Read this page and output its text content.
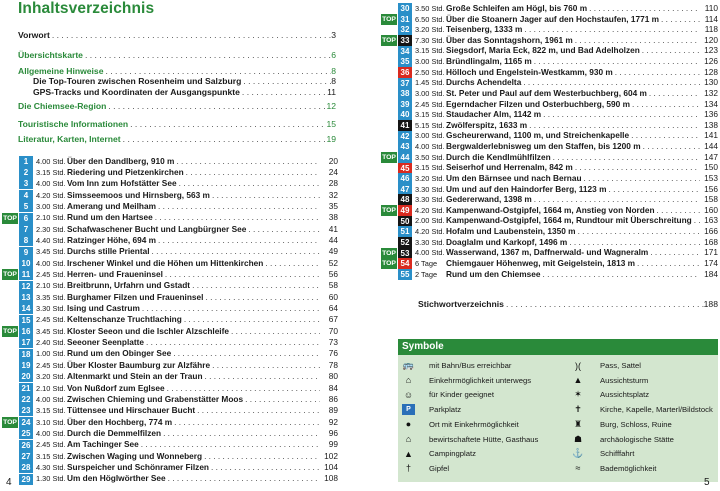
Inhaltsverzeichnis
Vorwort . . .	3
Übersichtskarte . . .	6
Allgemeine Hinweise . . .	8
Die Top-Touren zwischen Rosenheim und Salzburg . . .	8
GPS-Tracks und Koordinaten der Ausgangspunkte . . .	11
Die Chiemsee-Region . . .	12
Touristische Informationen . . .	15
Literatur, Karten, Internet . . .	19
1	4.00 Std. Über den Dandlberg, 910 m . . .	20
2	3.15 Std. Riedering und Pietzenkirchen . . .	24
3	4.00 Std. Vom Inn zum Hofstätter See . . .	28
4	4.20 Std. Simsseemoos und Hirnsberg, 563 m . . .	32
5	3.00 Std. Amerang und Meilham . . .	35
TOP 6	2.10 Std. Rund um den Hartsee . . .	38
7	2.30 Std. Schafwaschener Bucht und Langbürgner See . . .	41
8	4.40 Std. Ratzinger Höhe, 694 m . . .	44
9	3.45 Std. Durchs stille Priental . . .	49
10 4.00 Std. Irschener Winkel und die Höhen um Hittenkirchen . . .	52
TOP 11 2.45 Std. Herren- und Fraueninsel . . .	56
12 2.10 Std. Breitbrunn, Urfahrn und Gstadt . . .	58
13 3.35 Std. Burghamer Filzen und Fraueninsel . . .	60
14 3.30 Std. Ising und Castrum . . .	64
15 2.45 Std. Keltenschanze Truchtlaching . . .	67
TOP 16 3.45 Std. Kloster Seeon und die Ischler Alzschleife . . .	70
17 2.40 Std. Seeoner Seenplatte . . .	73
18 1.00 Std. Rund um den Obinger See . . .	76
19 2.45 Std. Über Kloster Baumburg zur Alzfähre . . .	78
20 3.20 Std. Altenmarkt und Stein an der Traun . . .	80
21 2.10 Std. Von Nußdorf zum Eglsee . . .	84
22 4.00 Std. Zwischen Chieming und Grabenstätter Moos . . .	86
23 3.15 Std. Tüttensee und Hirschauer Bucht . . .	89
TOP 24 3.10 Std. Über den Hochberg, 774 m . . .	92
25 4.00 Std. Durch die Demmelfilzen . . .	96
26 2.45 Std. Am Tachinger See . . .	99
27 3.15 Std. Zwischen Waging und Wonneberg . . .	102
28 4.30 Std. Surspeicher und Schönramer Filzen . . .	104
29 1.30 Std. Um den Höglwörther See . . .	108
30 3.50 Std. Große Schleifen am Högl, bis 760 m . . .	110
TOP 31 6.50 Std. Über die Stoanern Jager auf den Hochstaufen, 1771 m . . .	114
32 3.20 Std. Teisenberg, 1333 m . . .	118
TOP 33 7.30 Std. Über das Sonntagshorn, 1961 m . . .	120
34 3.15 Std. Siegsdorf, Maria Eck, 822 m, und Bad Adelholzen . . .	123
35 3.00 Std. Bründlingalm, 1165 m . . .	126
36 2.50 Std. Hölloch und Engelstein-Westkamm, 930 m . . .	128
37 1.45 Std. Durchs Achendelta . . .	130
38 3.00 Std. St. Peter und Paul auf dem Westerbuchberg, 604 m . . .	132
39 2.45 Std. Egerndacher Filzen und Osterbuchberg, 590 m . . .	134
40 3.15 Std. Staudacher Alm, 1142 m . . .	136
41 5.15 Std. Zwölferspitz, 1633 m . . .	138
42 3.00 Std. Gscheurerwand, 1100 m, und Streichenkapelle . . .	141
43 4.00 Std. Bergwalderlebnisweg um den Staffen, bis 1200 m . . .	144
TOP 44 3.50 Std. Durch die Kendlmühlfilzen . . .	147
45 3.15 Std. Seiserhof und Herrenalm, 842 m . . .	150
46 3.20 Std. Um den Bärnsee und nach Bernau . . .	153
47 3.30 Std. Um und auf den Haindorfer Berg, 1123 m . . .	156
48 3.30 Std. Gedererwand, 1398 m . . .	158
TOP 49 4.20 Std. Kampenwand-Ostgipfel, 1664 m, Anstieg von Norden . . .	160
50 2.00 Std. Kampenwand-Ostgipfel, 1664 m, Rundtour mit Überschreitung . . .	163
51 4.20 Std. Hofalm und Laubenstein, 1350 m . . .	166
52 3.30 Std. Doaglalm und Karkopf, 1496 m . . .	168
TOP 53 4.00 Std. Wasserwand, 1367 m, Daffnerwald- und Wagneralm . . .	171
TOP 54 6 Tage	Chiemgauer Höhenweg, mit Geigelstein, 1813 m . . .	174
55 2 Tage	Rund um den Chiemsee . . .	184
Stichwortverzeichnis . . .	188
Symbole
🚌	mit Bahn/Bus erreichbar	)(	Pass, Sattel
⌂	Einkehrmöglichkeit unterwegs	▲	Aussichtsturm
☺	für Kinder geeignet	✶	Aussichtsplatz
P	Parkplatz	✝	Kirche, Kapelle, Marterl/Bildstock
●	Ort mit Einkehrmöglichkeit	♜	Burg, Schloss, Ruine
⌂	bewirtschaftete Hütte, Gasthaus	☗	archäologische Stätte
▲	Campingplatz	⚓	Schifffahrt
†	Gipfel	≈	Bademöglichkeit
4	5
